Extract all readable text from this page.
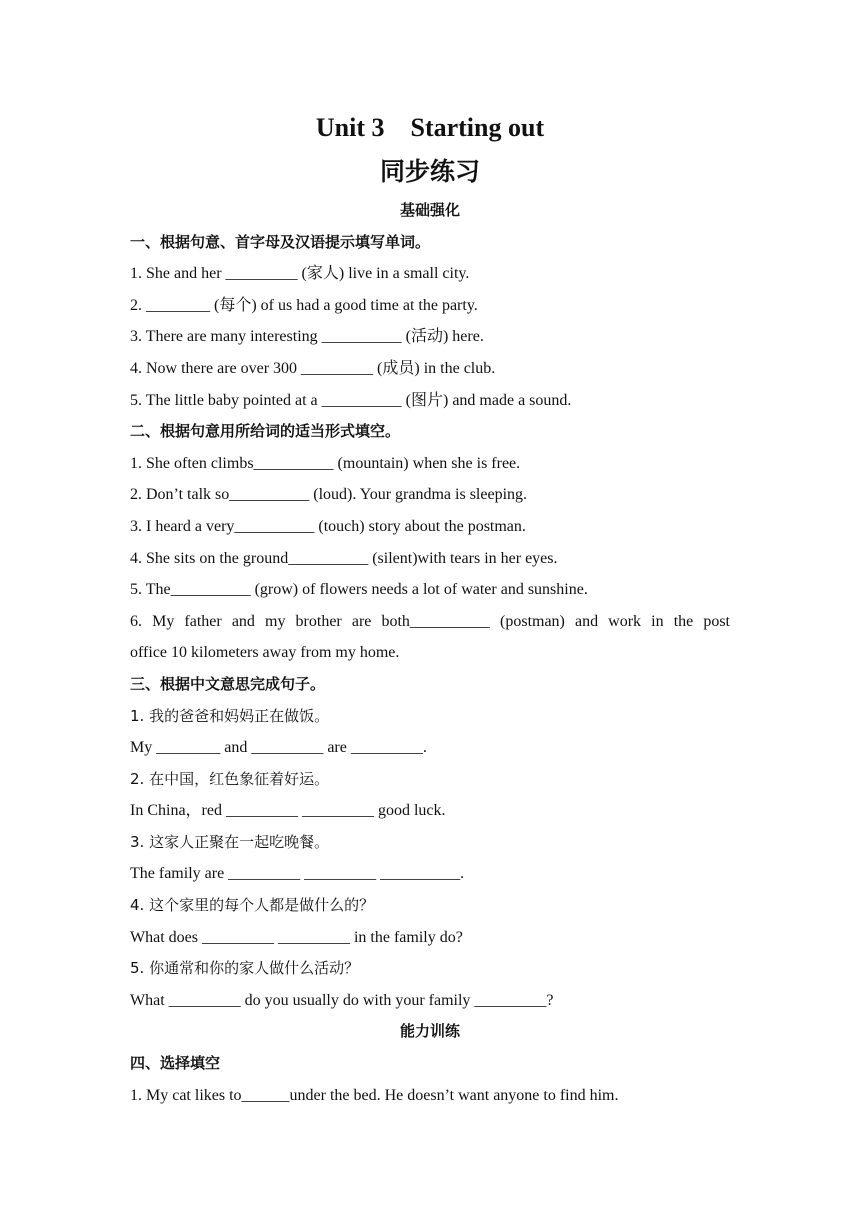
Unit 3    Starting out
同步练习
基础强化
一、根据句意、首字母及汉语提示填写单词。
1. She and her _________ (家人) live in a small city.
2. ________ (每个) of us had a good time at the party.
3. There are many interesting __________ (活动) here.
4. Now there are over 300 _________ (成员) in the club.
5. The little baby pointed at a __________ (图片) and made a sound.
二、根据句意用所给词的适当形式填空。
1. She often climbs__________ (mountain) when she is free.
2. Don’t talk so__________ (loud). Your grandma is sleeping.
3. I heard a very__________ (touch) story about the postman.
4. She sits on the ground__________ (silent)with tears in her eyes.
5. The__________ (grow) of flowers needs a lot of water and sunshine.
6. My father and my brother are both__________ (postman) and work in the post
office 10 kilometers away from my home.
三、根据中文意思完成句子。
1. 我的爸爸和妈妈正在做饭。
My ________ and _________ are _________.
2. 在中国，红色象征着好运。
In China，red _________ _________ good luck.
3. 这家人正聚在一起吃晚餐。
The family are _________ _________ __________.
4. 这个家里的每个人都是做什么的？
What does _________ _________ in the family do?
5. 你通常和你的家人做什么活动？
What _________ do you usually do with your family _________?
能力训练
四、选择填空
1. My cat likes to______under the bed. He doesn’t want anyone to find him.
